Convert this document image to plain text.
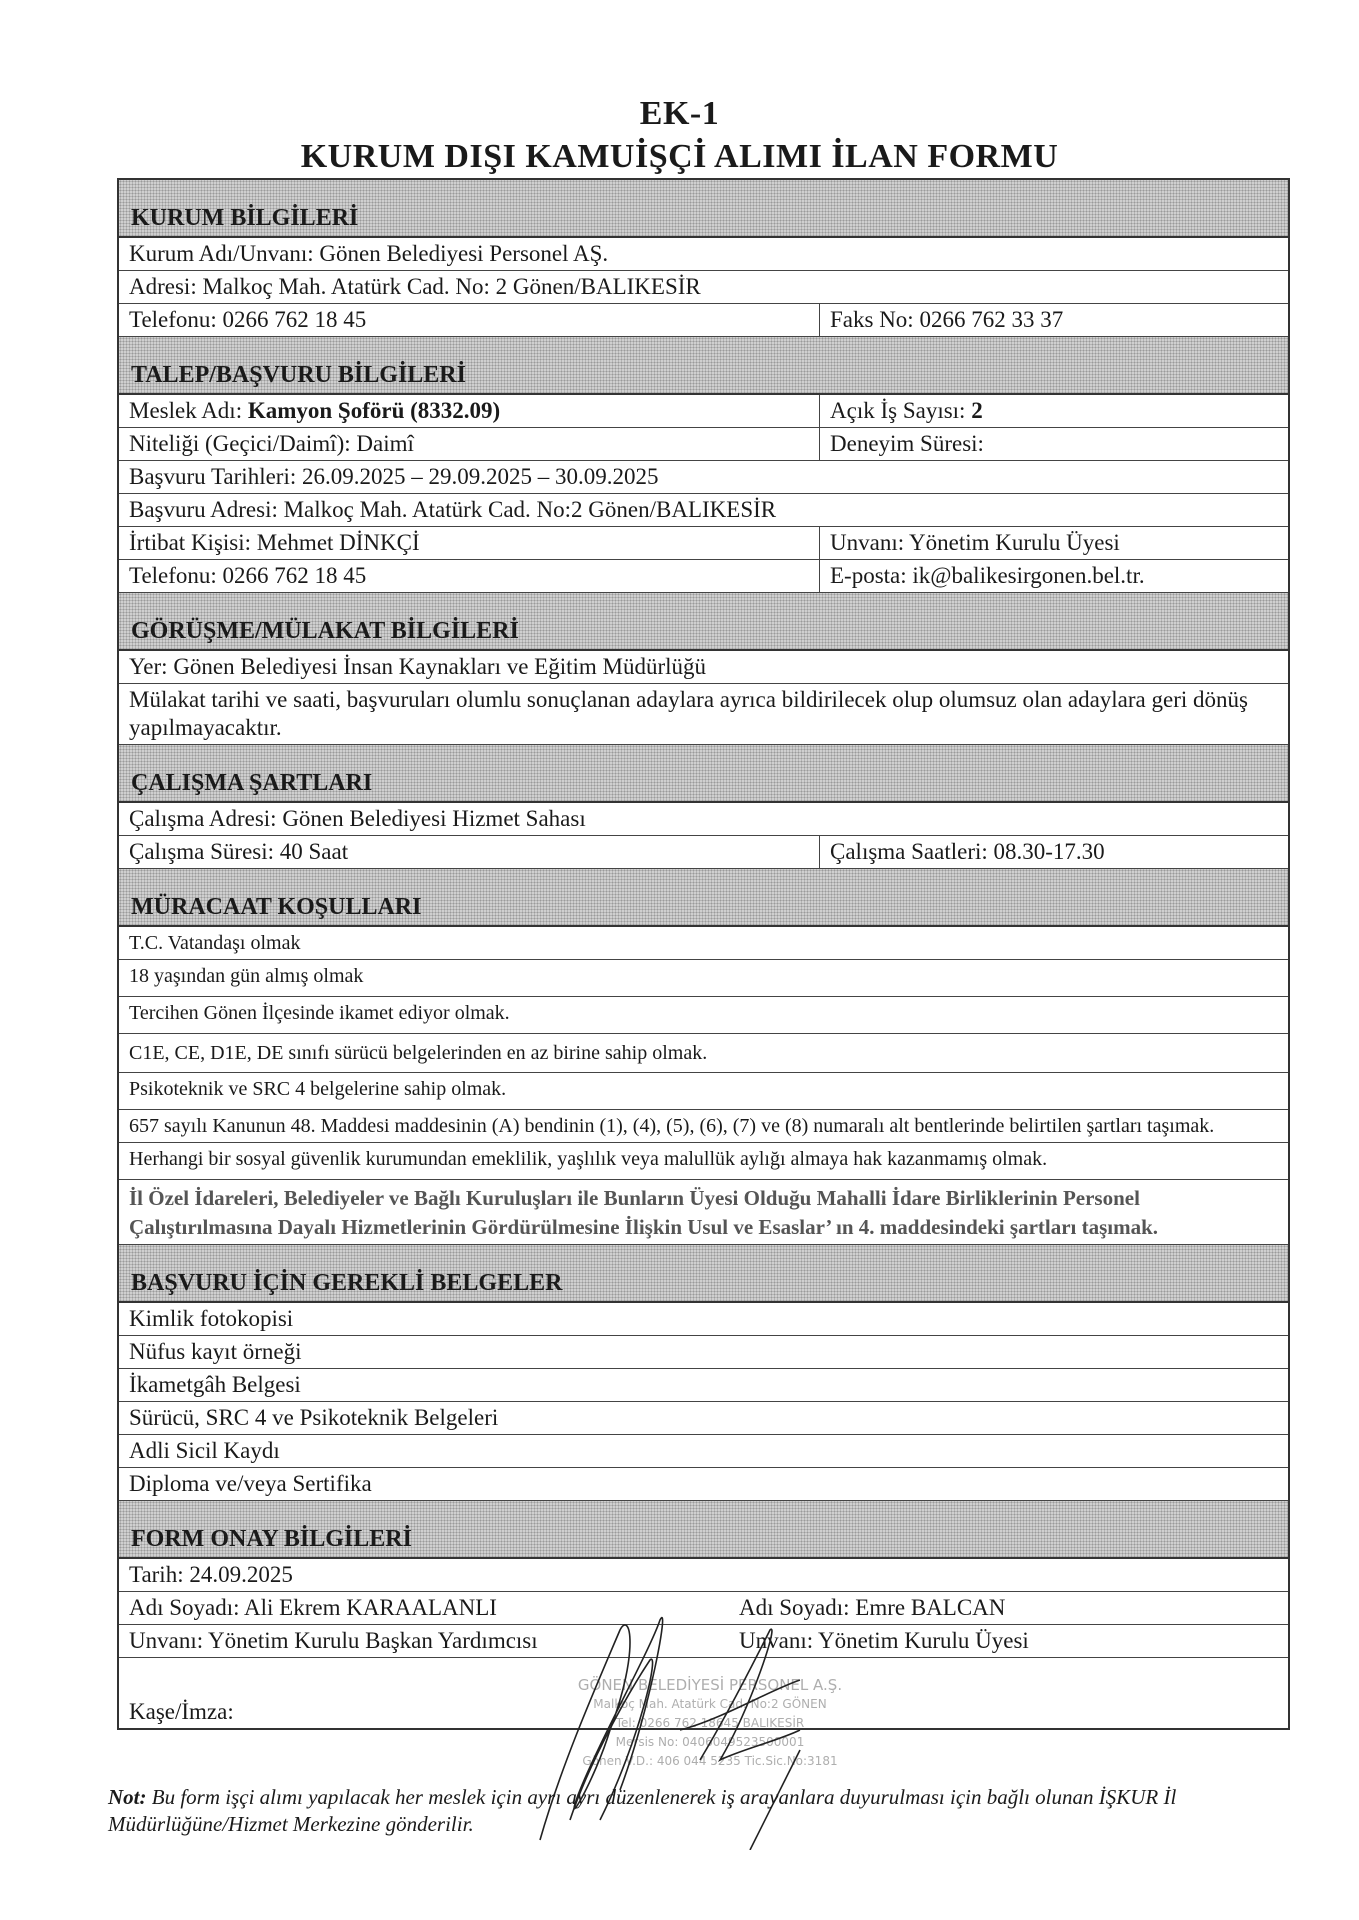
EK-1
KURUM DIŞI KAMUİŞÇİ ALIMI İLAN FORMU
KURUM BİLGİLERİ
Kurum Adı/Unvanı: Gönen Belediyesi Personel AŞ.
Adresi: Malkoç Mah. Atatürk Cad. No: 2 Gönen/BALIKESİR
Telefonu: 0266 762 18 45	Faks No: 0266 762 33 37
TALEP/BAŞVURU BİLGİLERİ
Meslek Adı: Kamyon Şoförü (8332.09)	Açık İş Sayısı: 2
Niteliği (Geçici/Daimî): Daimî	Deneyim Süresi:
Başvuru Tarihleri: 26.09.2025 – 29.09.2025 – 30.09.2025
Başvuru Adresi: Malkoç Mah. Atatürk Cad. No:2 Gönen/BALIKESİR
İrtibat Kişisi: Mehmet DİNKÇİ	Unvanı: Yönetim Kurulu Üyesi
Telefonu: 0266 762 18 45	E-posta: ik@balikesirgonen.bel.tr.
GÖRÜŞME/MÜLAKAT BİLGİLERİ
Yer: Gönen Belediyesi İnsan Kaynakları ve Eğitim Müdürlüğü
Mülakat tarihi ve saati, başvuruları olumlu sonuçlanan adaylara ayrıca bildirilecek olup olumsuz olan adaylara geri dönüş yapılmayacaktır.
ÇALIŞMA ŞARTLARI
Çalışma Adresi: Gönen Belediyesi Hizmet Sahası
Çalışma Süresi: 40 Saat	Çalışma Saatleri: 08.30-17.30
MÜRACAAT KOŞULLARI
T.C. Vatandaşı olmak
18 yaşından gün almış olmak
Tercihen Gönen İlçesinde ikamet ediyor olmak.
C1E, CE, D1E, DE sınıfı sürücü belgelerinden en az birine sahip olmak.
Psikoteknik ve SRC 4 belgelerine sahip olmak.
657 sayılı Kanunun 48. Maddesi maddesinin (A) bendinin (1), (4), (5), (6), (7) ve (8) numaralı alt bentlerinde belirtilen şartları taşımak.
Herhangi bir sosyal güvenlik kurumundan emeklilik, yaşlılık veya malullük aylığı almaya hak kazanmamış olmak.
İl Özel İdareleri, Belediyeler ve Bağlı Kuruluşları ile Bunların Üyesi Olduğu Mahalli İdare Birliklerinin Personel Çalıştırılmasına Dayalı Hizmetlerinin Gördürülmesine İlişkin Usul ve Esaslar’ ın 4. maddesindeki şartları taşımak.
BAŞVURU İÇİN GEREKLİ BELGELER
Kimlik fotokopisi
Nüfus kayıt örneği
İkametgâh Belgesi
Sürücü, SRC 4 ve Psikoteknik Belgeleri
Adli Sicil Kaydı
Diploma ve/veya Sertifika
FORM ONAY BİLGİLERİ
Tarih: 24.09.2025
Adı Soyadı: Ali Ekrem KARAALANLI	Adı Soyadı: Emre BALCAN
Unvanı: Yönetim Kurulu Başkan Yardımcısı	Unvanı: Yönetim Kurulu Üyesi
Kaşe/İmza:
GÖNEN BELEDİYESİ PERSONEL A.Ş.
Malkoç Mah. Atatürk Cad. No:2 GÖNEN
Tel: 0266 762 18645 BALIKESİR
Mersis No: 0406049523500001
Gönen V.D.: 406 044 5235 Tic.Sic.No:3181
Not: Bu form işçi alımı yapılacak her meslek için ayrı ayrı düzenlenerek iş arayanlara duyurulması için bağlı olunan İŞKUR İl Müdürlüğüne/Hizmet Merkezine gönderilir.
